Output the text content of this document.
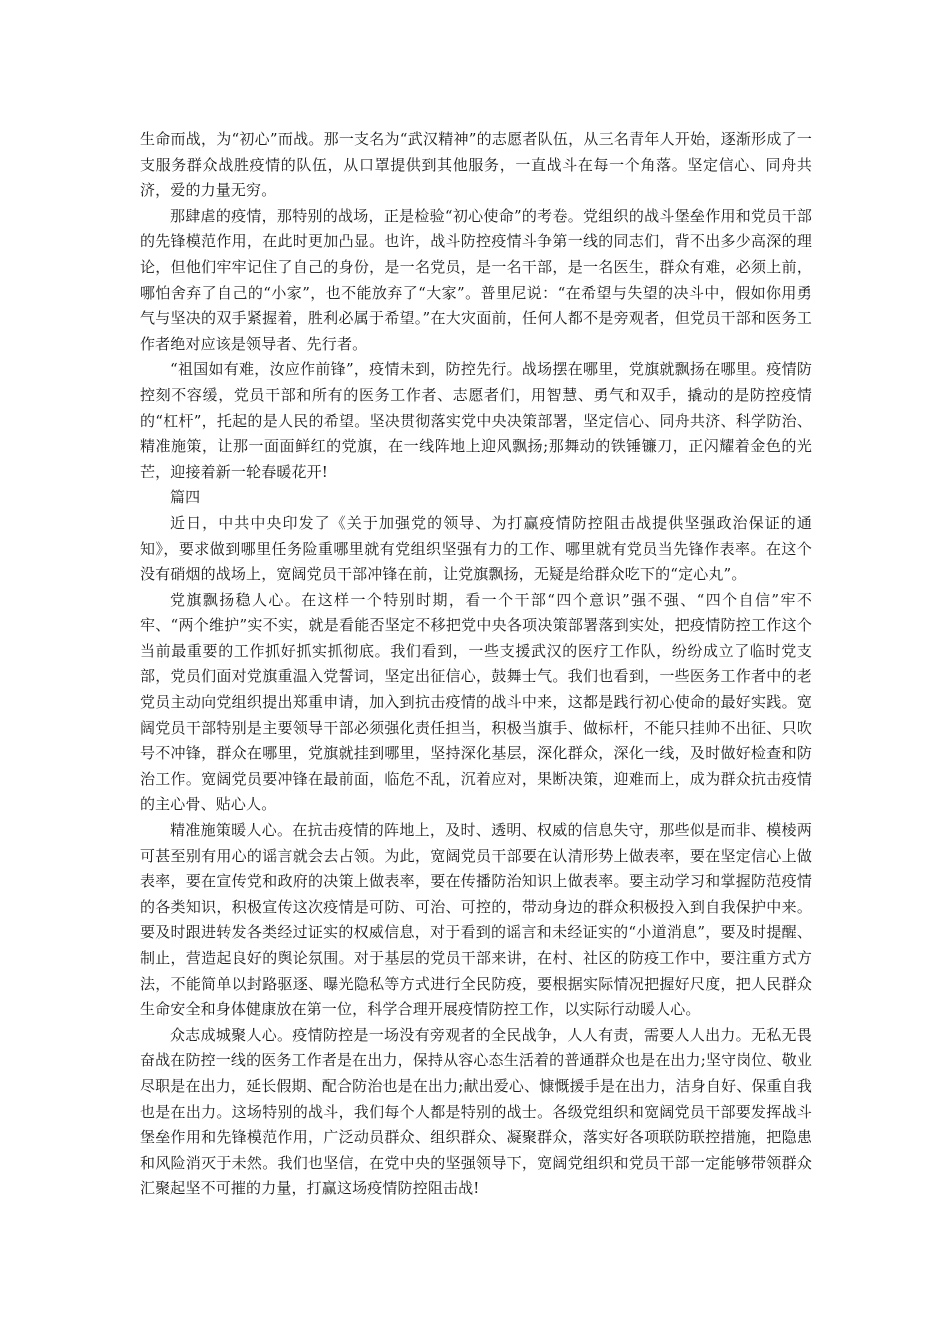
生命而战，为“初心”而战。那一支名为“武汉精神”的志愿者队伍，从三名青年人开始，逐渐形成了一支服务群众战胜疫情的队伍，从口罩提供到其他服务，一直战斗在每一个角落。坚定信心、同舟共济，爱的力量无穷。

那肆虐的疫情，那特别的战场，正是检验“初心使命”的考卷。党组织的战斗堡垒作用和党员干部的先锋模范作用，在此时更加凸显。也许，战斗防控疫情斗争第一线的同志们，背不出多少高深的理论，但他们牢牢记住了自己的身份，是一名党员，是一名干部，是一名医生，群众有难，必须上前，哪怕舍弃了自己的“小家”，也不能放弃了“大家”。普里尼说：“在希望与失望的决斗中，假如你用勇气与坚决的双手紧握着，胜利必属于希望。”在大灾面前，任何人都不是旁观者，但党员干部和医务工作者绝对应该是领导者、先行者。

“祖国如有难，汝应作前锋”，疫情未到，防控先行。战场摆在哪里，党旗就飘扬在哪里。疫情防控刻不容缓，党员干部和所有的医务工作者、志愿者们，用智慧、勇气和双手，撬动的是防控疫情的“杠杆”，托起的是人民的希望。坚决贯彻落实党中央决策部署，坚定信心、同舟共济、科学防治、精准施策，让那一面面鲜红的党旗，在一线阵地上迎风飘扬;那舞动的铁锤镰刀，正闪耀着金色的光芒，迎接着新一轮春暖花开!

篇四

近日，中共中央印发了《关于加强党的领导、为打赢疫情防控阻击战提供坚强政治保证的通知》，要求做到哪里任务险重哪里就有党组织坚强有力的工作、哪里就有党员当先锋作表率。在这个没有硝烟的战场上，宽阔党员干部冲锋在前，让党旗飘扬，无疑是给群众吃下的“定心丸”。

党旗飘扬稳人心。在这样一个特别时期，看一个干部“四个意识”强不强、“四个自信”牢不牢、“两个维护”实不实，就是看能否坚定不移把党中央各项决策部署落到实处，把疫情防控工作这个当前最重要的工作抓好抓实抓彻底。我们看到，一些支援武汉的医疗工作队，纷纷成立了临时党支部，党员们面对党旗重温入党誓词，坚定出征信心，鼓舞士气。我们也看到，一些医务工作者中的老党员主动向党组织提出郑重申请，加入到抗击疫情的战斗中来，这都是践行初心使命的最好实践。宽阔党员干部特别是主要领导干部必须强化责任担当，积极当旗手、做标杆，不能只挂帅不出征、只吹号不冲锋，群众在哪里，党旗就挂到哪里，坚持深化基层，深化群众，深化一线，及时做好检查和防治工作。宽阔党员要冲锋在最前面，临危不乱，沉着应对，果断决策，迎难而上，成为群众抗击疫情的主心骨、贴心人。

精准施策暖人心。在抗击疫情的阵地上，及时、透明、权威的信息失守，那些似是而非、模棱两可甚至别有用心的谣言就会去占领。为此，宽阔党员干部要在认清形势上做表率，要在坚定信心上做表率，要在宣传党和政府的决策上做表率，要在传播防治知识上做表率。要主动学习和掌握防范疫情的各类知识，积极宣传这次疫情是可防、可治、可控的，带动身边的群众积极投入到自我保护中来。要及时跟进转发各类经过证实的权威信息，对于看到的谣言和未经证实的“小道消息”，要及时提醒、制止，营造起良好的舆论氛围。对于基层的党员干部来讲，在村、社区的防疫工作中，要注重方式方法，不能简单以封路驱逐、曝光隐私等方式进行全民防疫，要根据实际情况把握好尺度，把人民群众生命安全和身体健康放在第一位，科学合理开展疫情防控工作，以实际行动暖人心。

众志成城聚人心。疫情防控是一场没有旁观者的全民战争，人人有责，需要人人出力。无私无畏奋战在防控一线的医务工作者是在出力，保持从容心态生活着的普通群众也是在出力;坚守岗位、敬业尽职是在出力，延长假期、配合防治也是在出力;献出爱心、慷慨援手是在出力，洁身自好、保重自我也是在出力。这场特别的战斗，我们每个人都是特别的战士。各级党组织和宽阔党员干部要发挥战斗堡垒作用和先锋模范作用，广泛动员群众、组织群众、凝聚群众，落实好各项联防联控措施，把隐患和风险消灭于未然。我们也坚信，在党中央的坚强领导下，宽阔党组织和党员干部一定能够带领群众汇聚起坚不可摧的力量，打赢这场疫情防控阻击战!
